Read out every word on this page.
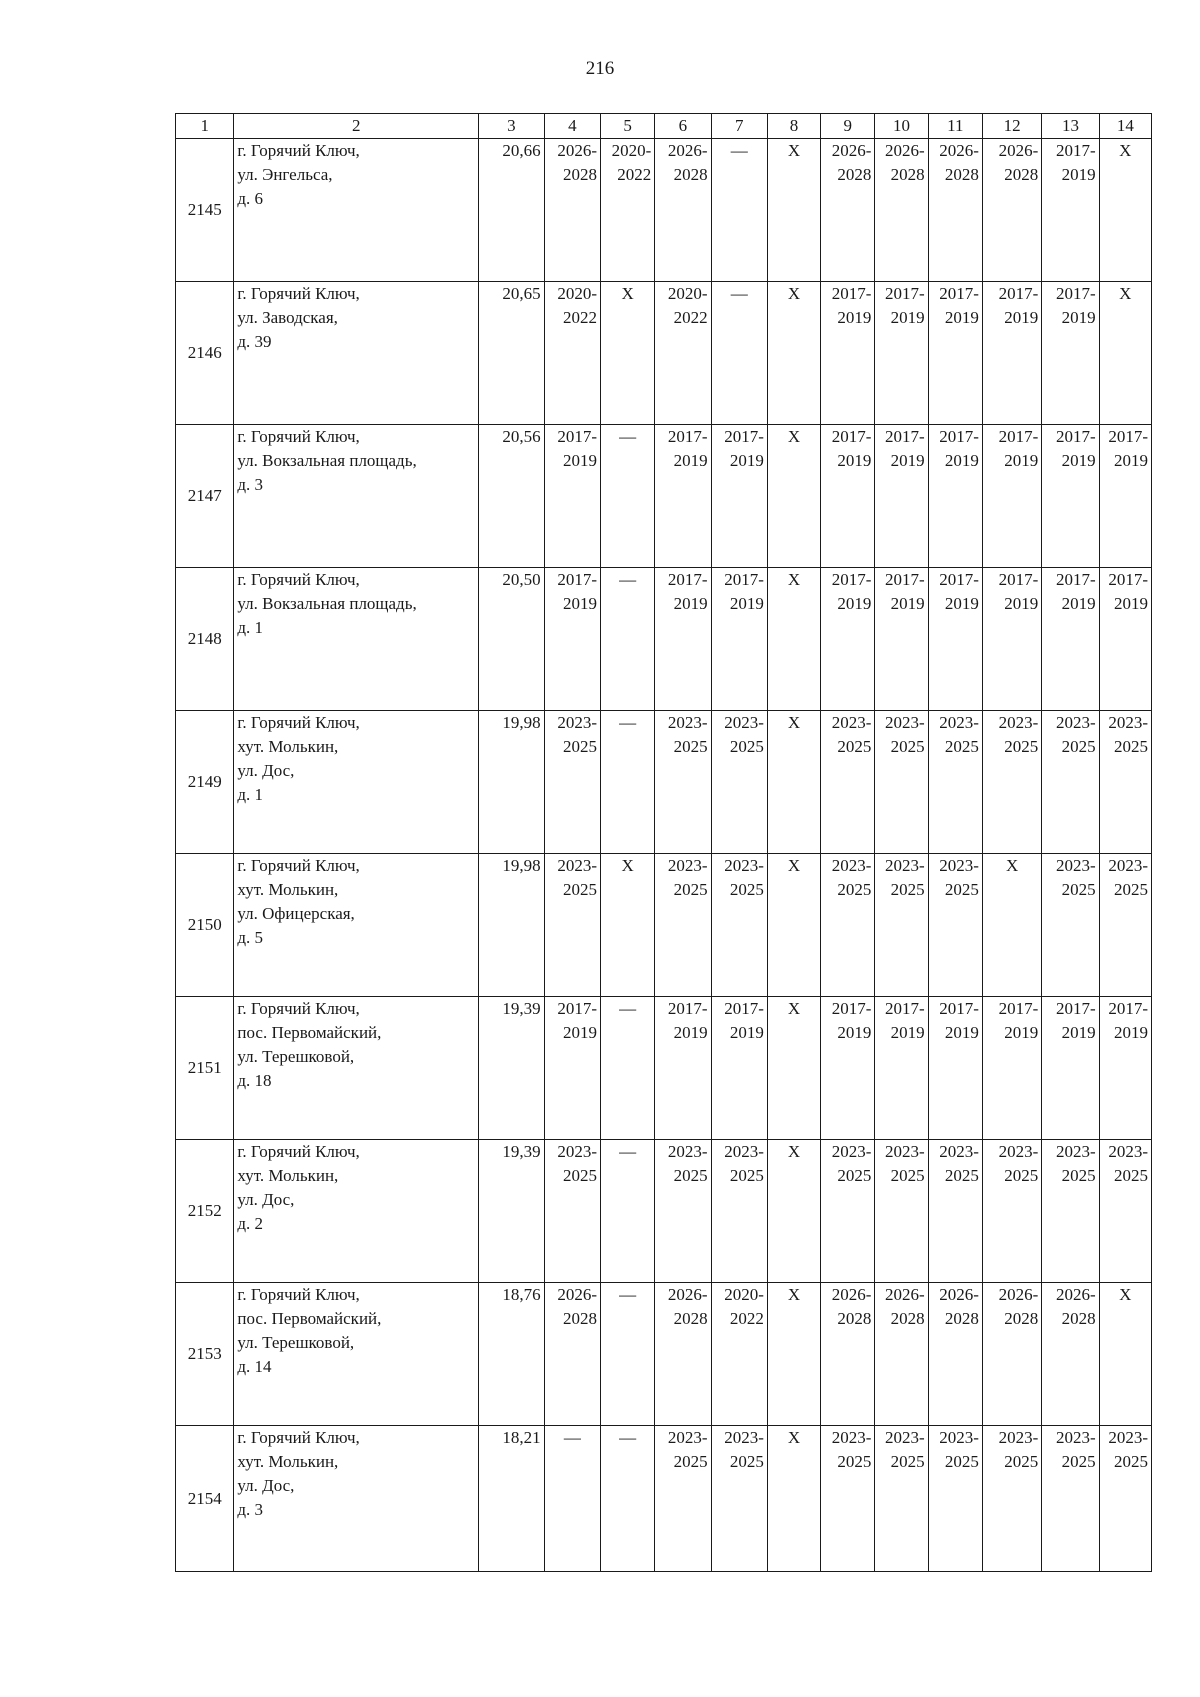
216
1	2	3	4	5	6	7	8	9	10	11	12	13	14
2145	г. Горячий Ключ,
ул. Энгельса,
д. 6	20,66	2026-
2028	2020-
2022	2026-
2028	—	X	2026-
2028	2026-
2028	2026-
2028	2026-
2028	2017-
2019	X
2146	г. Горячий Ключ,
ул. Заводская,
д. 39	20,65	2020-
2022	X	2020-
2022	—	X	2017-
2019	2017-
2019	2017-
2019	2017-
2019	2017-
2019	X
2147	г. Горячий Ключ,
ул. Вокзальная площадь,
д. 3	20,56	2017-
2019	—	2017-
2019	2017-
2019	X	2017-
2019	2017-
2019	2017-
2019	2017-
2019	2017-
2019	2017-
2019

2148	г. Горячий Ключ,
ул. Вокзальная площадь,
д. 1	20,50	2017-
2019	—	2017-
2019	2017-
2019	X	2017-
2019	2017-
2019	2017-
2019	2017-
2019	2017-
2019	2017-
2019

2149	г. Горячий Ключ,
хут. Молькин,
ул. Дос,
д. 1	19,98	2023-
2025	—	2023-
2025	2023-
2025	X	2023-
2025	2023-
2025	2023-
2025	2023-
2025	2023-
2025	2023-
2025

2150	г. Горячий Ключ,
хут. Молькин,
ул. Офицерская,
д. 5	19,98	2023-
2025	X	2023-
2025	2023-
2025	X	2023-
2025	2023-
2025	2023-
2025	X	2023-
2025	2023-
2025

2151	г. Горячий Ключ,
пос. Первомайский,
ул. Терешковой,
д. 18	19,39	2017-
2019	—	2017-
2019	2017-
2019	X	2017-
2019	2017-
2019	2017-
2019	2017-
2019	2017-
2019	2017-
2019

2152	г. Горячий Ключ,
хут. Молькин,
ул. Дос,
д. 2	19,39	2023-
2025	—	2023-
2025	2023-
2025	X	2023-
2025	2023-
2025	2023-
2025	2023-
2025	2023-
2025	2023-
2025

2153	г. Горячий Ключ,
пос. Первомайский,
ул. Терешковой,
д. 14	18,76	2026-
2028	—	2026-
2028	2020-
2022	X	2026-
2028	2026-
2028	2026-
2028	2026-
2028	2026-
2028	X
2154	г. Горячий Ключ,
хут. Молькин,
ул. Дос,
д. 3	18,21	—	—	2023-
2025	2023-
2025	X	2023-
2025	2023-
2025	2023-
2025	2023-
2025	2023-
2025	2023-
2025
